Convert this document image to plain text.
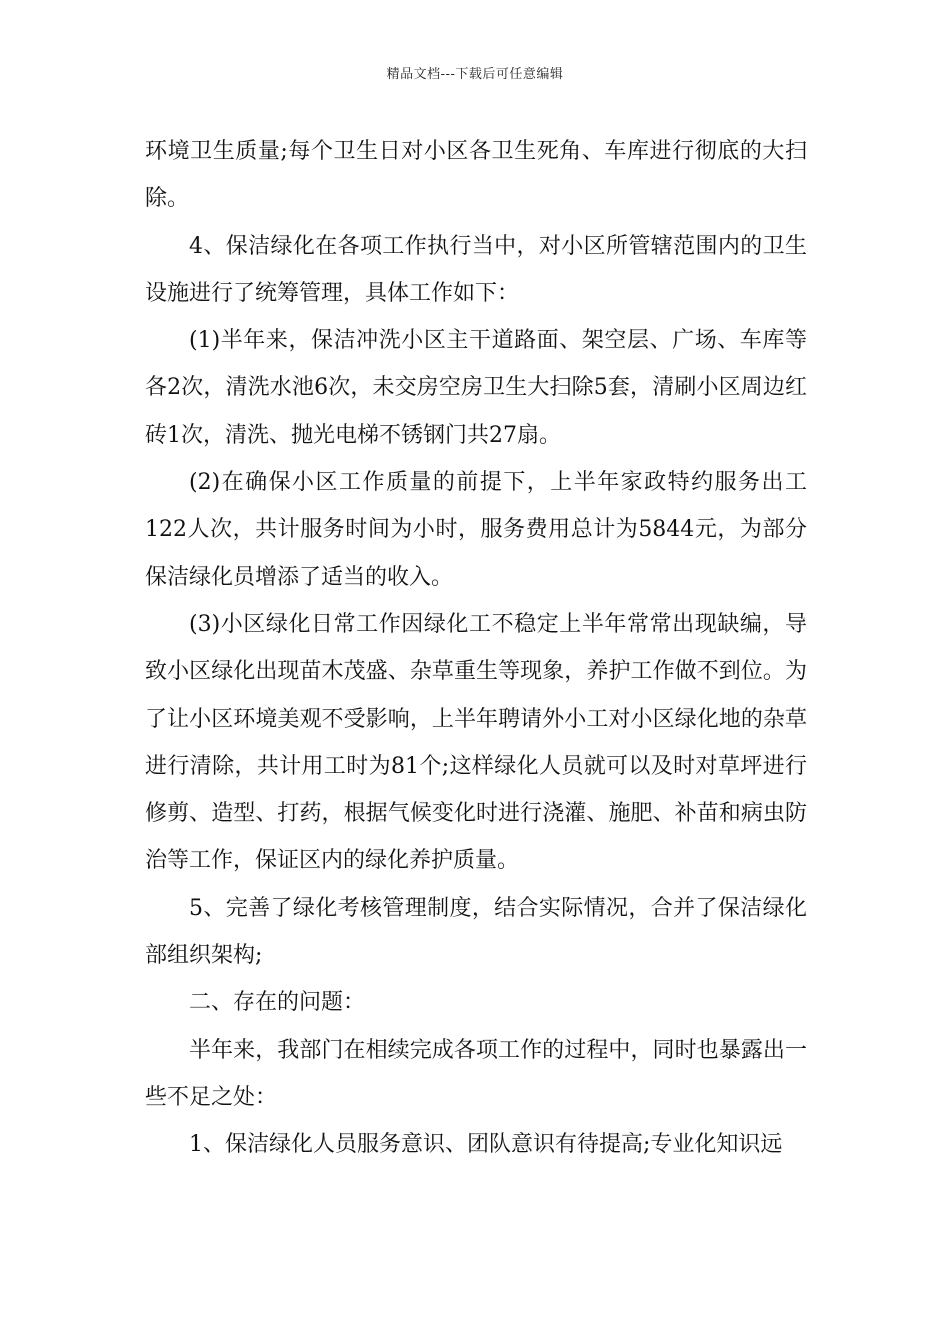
精品文档---下载后可任意编辑

环境卫生质量;每个卫生日对小区各卫生死角、车库进行彻底的大扫除。

4、保洁绿化在各项工作执行当中，对小区所管辖范围内的卫生设施进行了统筹管理，具体工作如下：

(1)半年来，保洁冲洗小区主干道路面、架空层、广场、车库等各2次，清洗水池6次，未交房空房卫生大扫除5套，清刷小区周边红砖1次，清洗、抛光电梯不锈钢门共27扇。

(2)在确保小区工作质量的前提下，上半年家政特约服务出工122人次，共计服务时间为小时，服务费用总计为5844元，为部分保洁绿化员增添了适当的收入。

(3)小区绿化日常工作因绿化工不稳定上半年常常出现缺编，导致小区绿化出现苗木茂盛、杂草重生等现象，养护工作做不到位。为了让小区环境美观不受影响，上半年聘请外小工对小区绿化地的杂草进行清除，共计用工时为81个;这样绿化人员就可以及时对草坪进行修剪、造型、打药，根据气候变化时进行浇灌、施肥、补苗和病虫防治等工作，保证区内的绿化养护质量。

5、完善了绿化考核管理制度，结合实际情况，合并了保洁绿化部组织架构;

二、存在的问题：

半年来，我部门在相续完成各项工作的过程中，同时也暴露出一些不足之处：

1、保洁绿化人员服务意识、团队意识有待提高;专业化知识远
